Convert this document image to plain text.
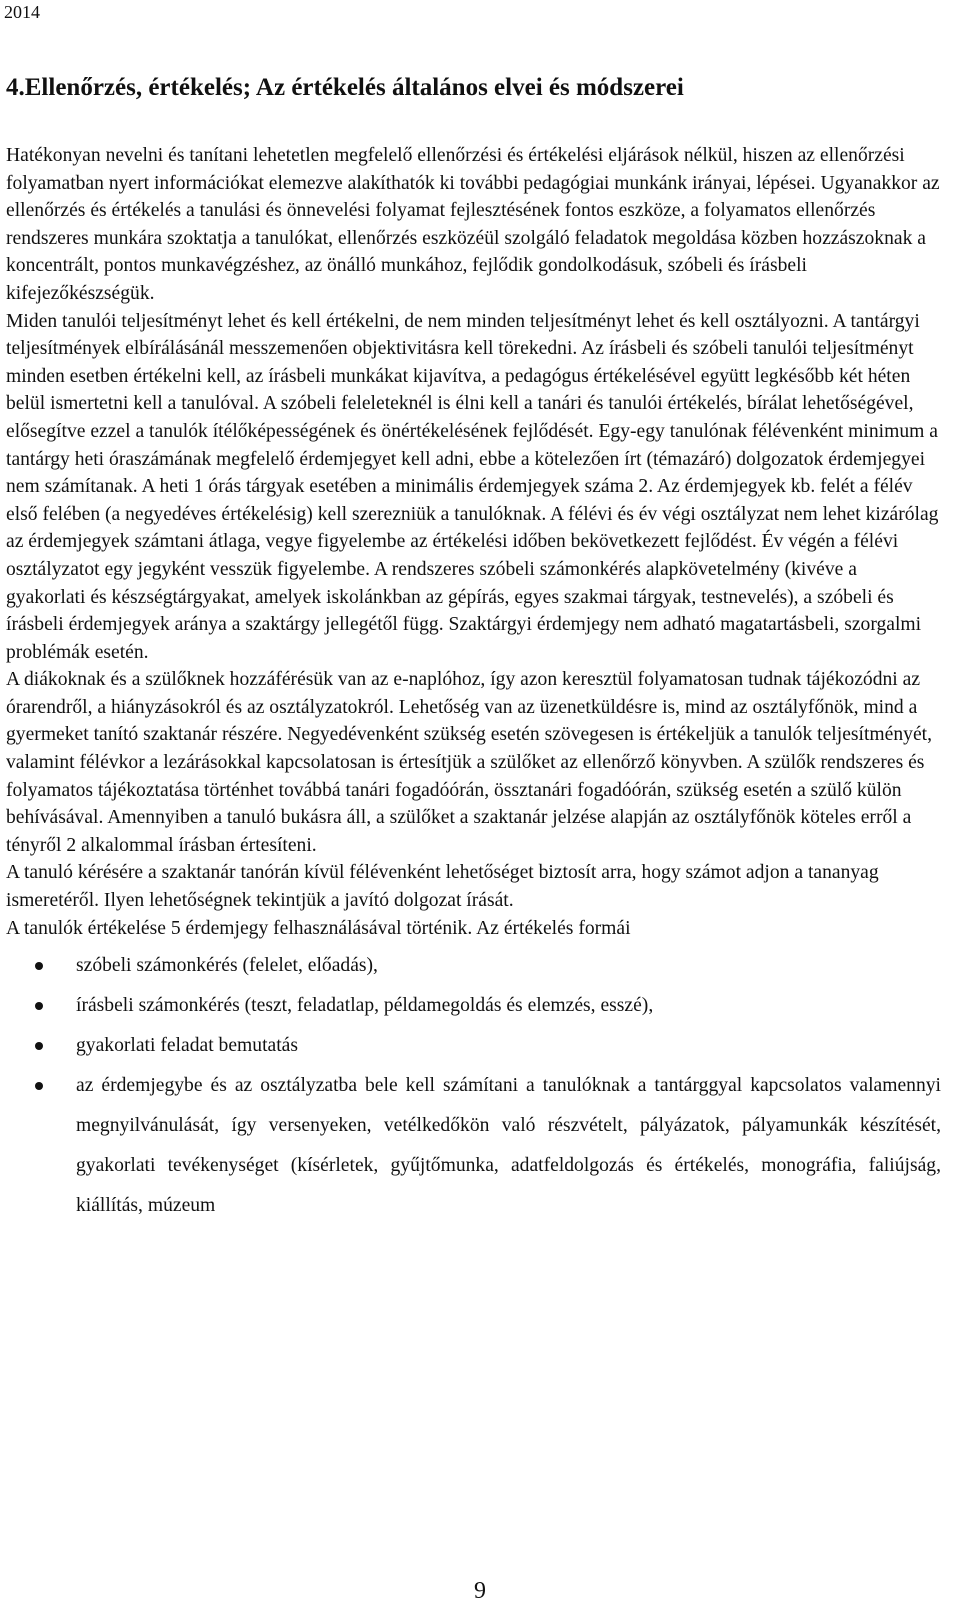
2014
4.Ellenőrzés, értékelés; Az értékelés általános elvei és módszerei

Hatékonyan nevelni és tanítani lehetetlen megfelelő ellenőrzési és értékelési eljárások nélkül, hiszen az ellenőrzési folyamatban nyert információkat elemezve alakíthatók ki további pedagógiai munkánk irányai, lépései. Ugyanakkor az ellenőrzés és értékelés a tanulási és önnevelési folyamat fejlesztésének fontos eszköze, a folyamatos ellenőrzés rendszeres munkára szoktatja a tanulókat, ellenőrzés eszközéül szolgáló feladatok megoldása közben hozzászoknak a koncentrált, pontos munkavégzéshez, az önálló munkához, fejlődik gondolkodásuk, szóbeli és írásbeli kifejezőkészségük.

Miden tanulói teljesítményt lehet és kell értékelni, de nem minden teljesítményt lehet és kell osztályozni. A tantárgyi teljesítmények elbírálásánál messzemenően objektivitásra kell törekedni. Az írásbeli és szóbeli tanulói teljesítményt minden esetben értékelni kell, az írásbeli munkákat kijavítva, a pedagógus értékelésével együtt legkésőbb két héten belül ismertetni kell a tanulóval. A szóbeli feleleteknél is élni kell a tanári és tanulói értékelés, bírálat lehetőségével, elősegítve ezzel a tanulók ítélőképességének és önértékelésének fejlődését. Egy-egy tanulónak félévenként minimum a tantárgy heti óraszámának megfelelő érdemjegyet kell adni, ebbe a kötelezően írt (témazáró) dolgozatok érdemjegyei nem számítanak. A heti 1 órás tárgyak esetében a minimális érdemjegyek száma 2. Az érdemjegyek kb. felét a félév első felében (a negyedéves értékelésig) kell szerezniük a tanulóknak. A félévi és év végi osztályzat nem lehet kizárólag az érdemjegyek számtani átlaga, vegye figyelembe az értékelési időben bekövetkezett fejlődést. Év végén a félévi osztályzatot egy jegyként vesszük figyelembe. A rendszeres szóbeli számonkérés alapkövetelmény (kivéve a gyakorlati és készségtárgyakat, amelyek iskolánkban az gépírás, egyes szakmai tárgyak, testnevelés), a szóbeli és írásbeli érdemjegyek aránya a szaktárgy jellegétől függ. Szaktárgyi érdemjegy nem adható magatartásbeli, szorgalmi problémák esetén.

A diákoknak és a szülőknek hozzáférésük van az e-naplóhoz, így azon keresztül folyamatosan tudnak tájékozódni az órarendről, a hiányzásokról és az osztályzatokról. Lehetőség van az üzenetküldésre is, mind az osztályfőnök, mind a gyermeket tanító szaktanár részére. Negyedévenként szükség esetén szövegesen is értékeljük a tanulók teljesítményét, valamint félévkor a lezárásokkal kapcsolatosan is értesítjük a szülőket az ellenőrző könyvben. A szülők rendszeres és folyamatos tájékoztatása történhet továbbá tanári fogadóórán, össztanári fogadóórán, szükség esetén a szülő külön behívásával. Amennyiben a tanuló bukásra áll, a szülőket a szaktanár jelzése alapján az osztályfőnök köteles erről a tényről 2 alkalommal írásban értesíteni.

A tanuló kérésére a szaktanár tanórán kívül félévenként lehetőséget biztosít arra, hogy számot adjon a tananyag ismeretéről. Ilyen lehetőségnek tekintjük a javító dolgozat írását.

A tanulók értékelése 5 érdemjegy felhasználásával történik. Az értékelés formái

szóbeli számonkérés (felelet, előadás),
írásbeli számonkérés (teszt, feladatlap, példamegoldás és elemzés, esszé),
gyakorlati feladat bemutatás
az érdemjegybe és az osztályzatba bele kell számítani a tanulóknak a tantárggyal kapcsolatos valamennyi megnyilvánulását, így versenyeken, vetélkedőkön való részvételt, pályázatok, pályamunkák készítését, gyakorlati tevékenységet (kísérletek, gyűjtőmunka, adatfeldolgozás és értékelés, monográfia, faliújság, kiállítás, múzeum
9
